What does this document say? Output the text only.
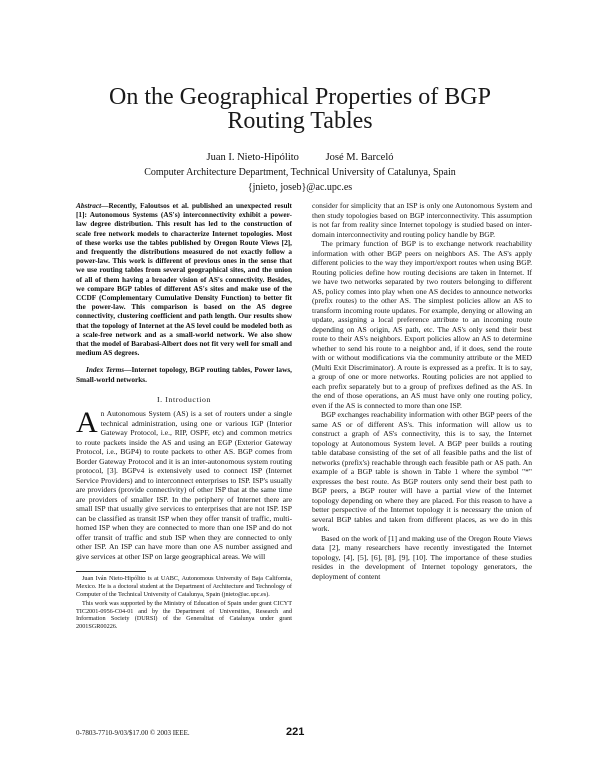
On the Geographical Properties of BGP
Routing Tables
Juan I. Nieto-Hipólito	José M. Barceló
Computer Architecture Department, Technical University of Catalunya, Spain
{jnieto, joseb}@ac.upc.es
Abstract—Recently, Faloutsos et al. published an unexpected result [1]: Autonomous Systems (AS's) interconnectivity exhibit a power-law degree distribution. This result has led to the construction of scale free network models to characterize Internet topologies. Most of these works use the tables published by Oregon Route Views [2], and frequently the distributions measured do not exactly follow a power-law. This work is different of previous ones in the sense that we use routing tables from several geographical sites, and the union of all of them having a broader vision of AS's connectivity. Besides, we compare BGP tables of different AS's sites and make use of the CCDF (Complementary Cumulative Density Function) to better fit the power-law. This comparison is based on the AS degree connectivity, clustering coefficient and path length. Our results show that the topology of Internet at the AS level could be modeled both as a scale-free network and as a small-world network. We also show that the model of Barabasi-Albert does not fit very well for small and medium AS degrees.
Index Terms—Internet topology, BGP routing tables, Power laws, Small-world networks.
I. Introduction

An Autonomous System (AS) is a set of routers under a single technical administration, using one or various IGP (Interior Gateway Protocol, i.e., RIP, OSPF, etc) and common metrics to route packets inside the AS and using an EGP (Exterior Gateway Protocol, i.e., BGP4) to route packets to other AS. BGP comes from Border Gateway Protocol and it is an inter-autonomous system routing protocol, [3]. BGPv4 is extensively used to connect ISP (Internet Service Providers) and to interconnect enterprises to ISP. ISP's usually are providers (provide connectivity) of other ISP that at the same time are providers of smaller ISP. In the periphery of Internet there are small ISP that usually give services to enterprises that are not ISP. ISP can be classified as transit ISP when they offer transit of traffic, multi-homed ISP when they are connected to more than one ISP and do not offer transit of traffic and stub ISP when they are connected to only other ISP. An ISP can have more than one AS number assigned and give services at other ISP on large geographical areas. We will

Juan Iván Nieto-Hipólito is at UABC, Autonomous University of Baja California, Mexico. He is a doctoral student at the Department of Architecture and Technology of Computer of the Technical University of Catalunya, Spain (jnieto@ac.upc.es).

This work was supported by the Ministry of Education of Spain under grant CICYT TIC2001-0956-C04-01 and by the Department of Universities, Research and Information Society (DURSI) of the Generalitat of Catalunya under grant 2001SGR00226.

consider for simplicity that an ISP is only one Autonomous System and then study topologies based on BGP interconnectivity. This assumption is not far from reality since Internet topology is studied based on inter-domain interconnectivity and routing policy handle by BGP.

The primary function of BGP is to exchange network reachability information with other BGP peers on neighbors AS. The AS's apply different policies to the way they import/export routes when using BGP. Routing policies define how routing decisions are taken in Internet. If we have two networks separated by two routers belonging to different AS, policy comes into play when one AS decides to announce networks (prefix routes) to the other AS. The simplest policies allow an AS to transform incoming route updates. For example, denying or allowing an update, assigning a local preference attribute to an incoming route depending on AS origin, AS path, etc. The AS's only send their best route to their AS's neighbors. Export policies allow an AS to determine whether to send his route to a neighbor and, if it does, send the route with or without modifications via the community attribute or the MED (Multi Exit Discriminator). A route is expressed as a prefix. It is to say, a group of one or more networks. Routing policies are not applied to each prefix separately but to a group of prefixes defined as the AS. In the end of those operations, an AS must have only one routing policy, even if the AS is connected to more than one ISP.

BGP exchanges reachability information with other BGP peers of the same AS or of different AS's. This information will allow us to construct a graph of AS's connectivity, this is to say, the Internet topology at Autonomous System level. A BGP peer builds a routing table database consisting of the set of all feasible paths and the list of networks (prefix's) reachable through each feasible path or AS path. An example of a BGP table is shown in Table 1 where the symbol "*" expresses the best route. As BGP routers only send their best path to BGP peers, a BGP router will have a partial view of the Internet topology depending on where they are placed. For this reason to have a better perspective of the Internet topology it is necessary the union of several BGP tables and taken from different places, as we do in this work.

Based on the work of [1] and making use of the Oregon Route Views data [2], many researchers have recently investigated the Internet topology, [4], [5], [6], [8], [9], [10]. The importance of these studies resides in the development of Internet topology generators, the deployment of content

0-7803-7710-9/03/$17.00 © 2003 IEEE.	221
